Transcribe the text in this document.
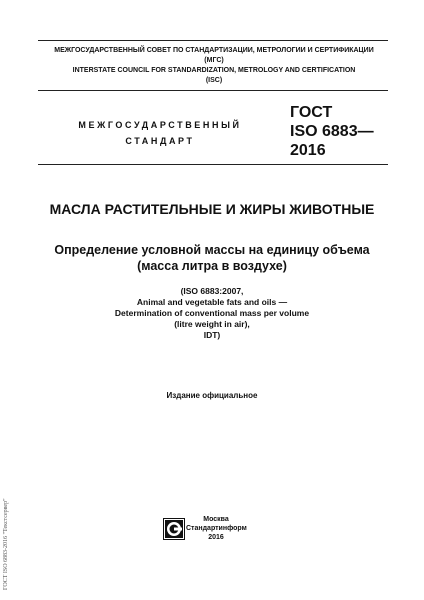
МЕЖГОСУДАРСТВЕННЫЙ СОВЕТ ПО СТАНДАРТИЗАЦИИ, МЕТРОЛОГИИ И СЕРТИФИКАЦИИ
(МГС)
INTERSTATE COUNCIL FOR STANDARDIZATION, METROLOGY AND CERTIFICATION
(ISC)
МЕЖГОСУДАРСТВЕННЫЙ
СТАНДАРТ
ГОСТ
ISO 6883—
2016
МАСЛА РАСТИТЕЛЬНЫЕ И ЖИРЫ ЖИВОТНЫЕ
Определение условной массы на единицу объема
(масса литра в воздухе)
(ISO 6883:2007,
Animal and vegetable fats and oils —
Determination of conventional mass per volume
(litre weight in air),
IDT)
Издание официальное
Москва
Стандартинформ
2016
ГОСТ ISO 6883-2016 "Текстсервер"
